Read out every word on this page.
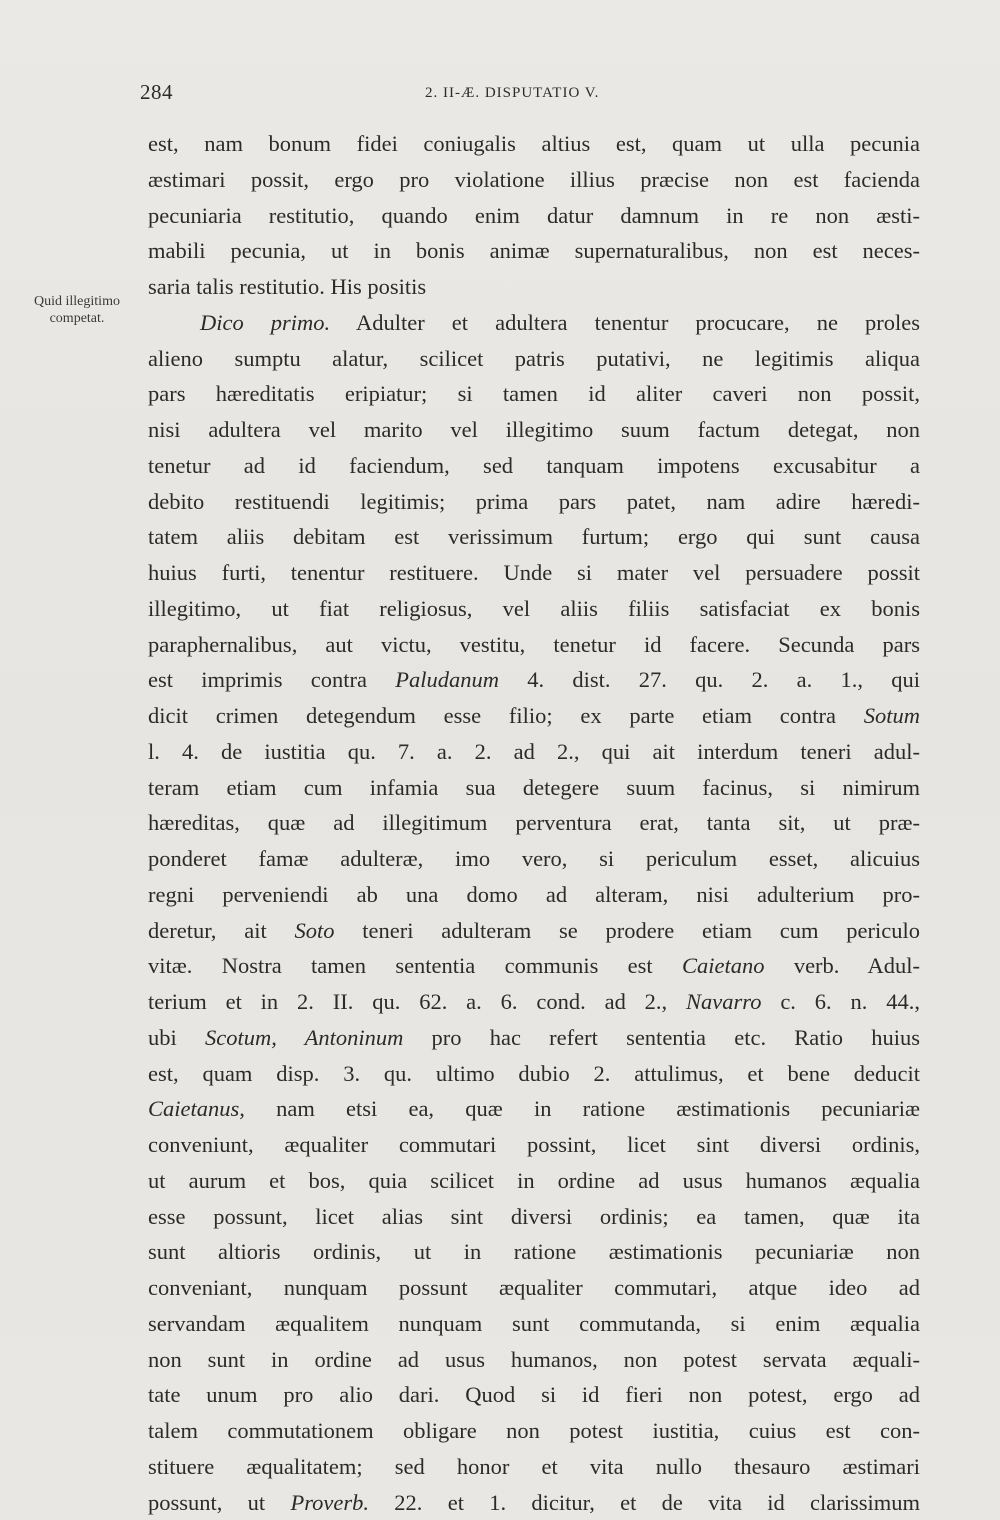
284	2. II-Æ. DISPUTATIO V.
Quid illegitimo
competat.
est, nam bonum fidei coniugalis altius est, quam ut ulla pecunia
æstimari possit, ergo pro violatione illius præcise non est facienda
pecuniaria restitutio, quando enim datur damnum in re non æsti-
mabili pecunia, ut in bonis animæ supernaturalibus, non est neces-
saria talis restitutio. His positis
Dico primo. Adulter et adultera tenentur procucare, ne proles
alieno sumptu alatur, scilicet patris putativi, ne legitimis aliqua
pars hæreditatis eripiatur; si tamen id aliter caveri non possit,
nisi adultera vel marito vel illegitimo suum factum detegat, non
tenetur ad id faciendum, sed tanquam impotens excusabitur a
debito restituendi legitimis; prima pars patet, nam adire hæredi-
tatem aliis debitam est verissimum furtum; ergo qui sunt causa
huius furti, tenentur restituere. Unde si mater vel persuadere possit
illegitimo, ut fiat religiosus, vel aliis filiis satisfaciat ex bonis
paraphernalibus, aut victu, vestitu, tenetur id facere. Secunda pars
est imprimis contra Paludanum 4. dist. 27. qu. 2. a. 1., qui
dicit crimen detegendum esse filio; ex parte etiam contra Sotum
l. 4. de iustitia qu. 7. a. 2. ad 2., qui ait interdum teneri adul-
teram etiam cum infamia sua detegere suum facinus, si nimirum
hæreditas, quæ ad illegitimum perventura erat, tanta sit, ut præ-
ponderet famæ adulteræ, imo vero, si periculum esset, alicuius
regni perveniendi ab una domo ad alteram, nisi adulterium pro-
deretur, ait Soto teneri adulteram se prodere etiam cum periculo
vitæ. Nostra tamen sententia communis est Caietano verb. Adul-
terium et in 2. II. qu. 62. a. 6. cond. ad 2., Navarro c. 6. n. 44.,
ubi Scotum, Antoninum pro hac refert sententia etc. Ratio huius
est, quam disp. 3. qu. ultimo dubio 2. attulimus, et bene deducit
Caietanus, nam etsi ea, quæ in ratione æstimationis pecuniariæ
conveniunt, æqualiter commutari possint, licet sint diversi ordinis,
ut aurum et bos, quia scilicet in ordine ad usus humanos æqualia
esse possunt, licet alias sint diversi ordinis; ea tamen, quæ ita
sunt altioris ordinis, ut in ratione æstimationis pecuniariæ non
conveniant, nunquam possunt æqualiter commutari, atque ideo ad
servandam æqualitem nunquam sunt commutanda, si enim æqualia
non sunt in ordine ad usus humanos, non potest servata æquali-
tate unum pro alio dari. Quod si id fieri non potest, ergo ad
talem commutationem obligare non potest iustitia, cuius est con-
stituere æqualitatem; sed honor et vita nullo thesauro æstimari
possunt, ut Proverb. 22. et 1. dicitur, et de vita id clarissimum
